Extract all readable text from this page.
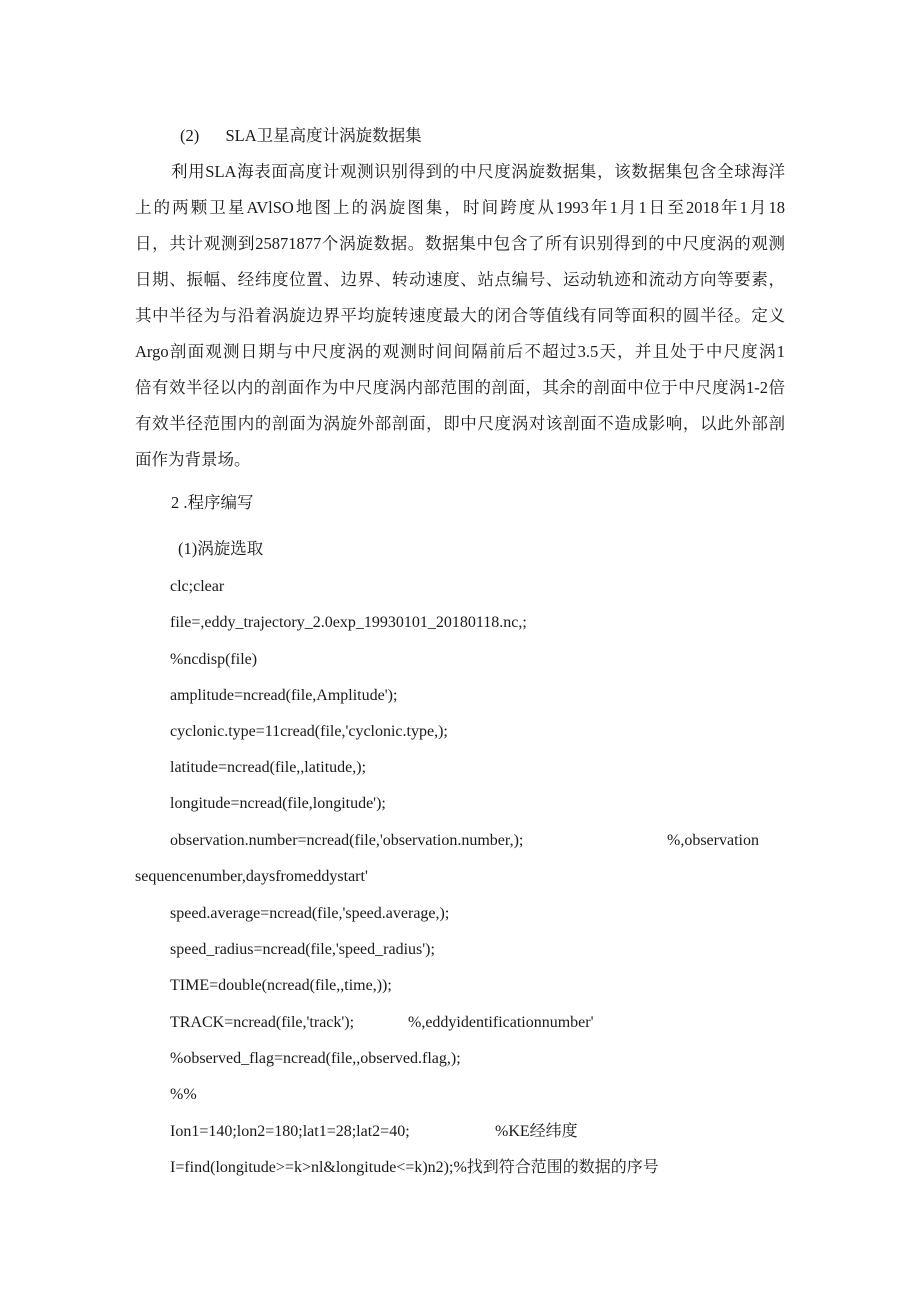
(2) SLA卫星高度计涡旋数据集
利用SLA海表面高度计观测识别得到的中尺度涡旋数据集，该数据集包含全球海洋
上的两颗卫星AVlSO地图上的涡旋图集，时间跨度从1993年1月1日至2018年1月18
日，共计观测到25871877个涡旋数据。数据集中包含了所有识别得到的中尺度涡的观测
日期、振幅、经纬度位置、边界、转动速度、站点编号、运动轨迹和流动方向等要素，
其中半径为与沿着涡旋边界平均旋转速度最大的闭合等值线有同等面积的圆半径。定义
Argo剖面观测日期与中尺度涡的观测时间间隔前后不超过3.5天，并且处于中尺度涡1
倍有效半径以内的剖面作为中尺度涡内部范围的剖面，其余的剖面中位于中尺度涡1-2倍
有效半径范围内的剖面为涡旋外部剖面，即中尺度涡对该剖面不造成影响，以此外部剖
面作为背景场。
2 .程序编写
(1)涡旋选取
clc;clear
file=,eddy_trajectory_2.0exp_19930101_20180118.nc,;
%ncdisp(file)
amplitude=ncread(file,Amplitude');
cyclonic.type=11cread(file,'cyclonic.type,);
latitude=ncread(file,,latitude,);
longitude=ncread(file,longitude');
observation.number=ncread(file,'observation.number,);	%,observation
sequencenumber,daysfromeddystart'
speed.average=ncread(file,'speed.average,);
speed_radius=ncread(file,'speed_radius');
TIME=double(ncread(file,,time,));
TRACK=ncread(file,'track');	%,eddyidentificationnumber'
%observed_flag=ncread(file,,observed.flag,);
%%
Ion1=140;lon2=180;lat1=28;lat2=40;	%KE经纬度
I=find(longitude>=k>nl&longitude<=k)n2);%找到符合范围的数据的序号
